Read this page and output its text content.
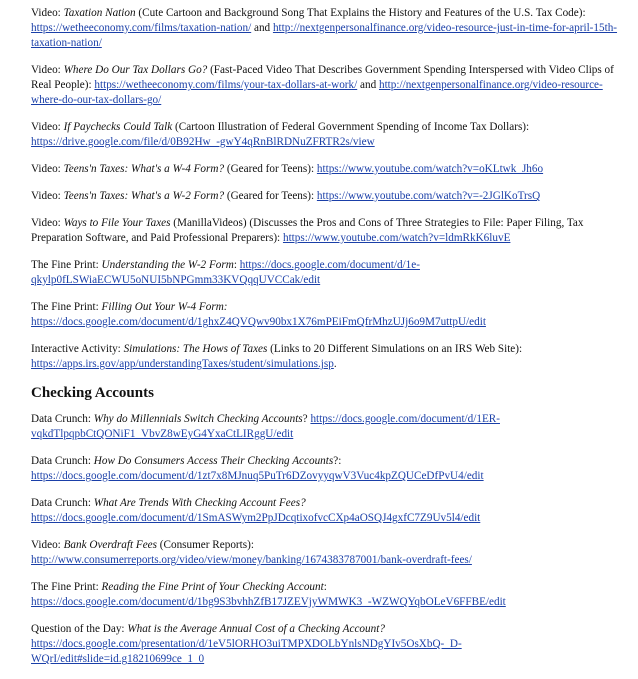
Video: Taxation Nation (Cute Cartoon and Background Song That Explains the History and Features of the U.S. Tax Code): https://wetheeconomy.com/films/taxation-nation/ and http://nextgenpersonalfinance.org/video-resource-just-in-time-for-april-15th-taxation-nation/

Video: Where Do Our Tax Dollars Go? (Fast-Paced Video That Describes Government Spending Interspersed with Video Clips of Real People): https://wetheeconomy.com/films/your-tax-dollars-at-work/ and http://nextgenpersonalfinance.org/video-resource-where-do-our-tax-dollars-go/

Video: If Paychecks Could Talk (Cartoon Illustration of Federal Government Spending of Income Tax Dollars): https://drive.google.com/file/d/0B92Hw_-gwY4qRnBlRDNuZFRTR2s/view

Video: Teens'n Taxes: What's a W-4 Form? (Geared for Teens): https://www.youtube.com/watch?v=oKLtwk_Jh6o

Video: Teens'n Taxes: What's a W-2 Form? (Geared for Teens): https://www.youtube.com/watch?v=-2JGlKoTrsQ

Video: Ways to File Your Taxes (ManillaVideos) (Discusses the Pros and Cons of Three Strategies to File: Paper Filing, Tax Preparation Software, and Paid Professional Preparers): https://www.youtube.com/watch?v=ldmRkK6luvE

The Fine Print: Understanding the W-2 Form: https://docs.google.com/document/d/1e-qkylp0fLSWiaECWU5oNUI5bNPGmm33KVQqqUVCCak/edit

The Fine Print: Filling Out Your W-4 Form: https://docs.google.com/document/d/1ghxZ4QVQwv90bx1X76mPEiFmQfrMhzUJj6o9M7uttpU/edit

Interactive Activity: Simulations: The Hows of Taxes (Links to 20 Different Simulations on an IRS Web Site): https://apps.irs.gov/app/understandingTaxes/student/simulations.jsp.

Checking Accounts

Data Crunch: Why do Millennials Switch Checking Accounts? https://docs.google.com/document/d/1ER-vqkdTlpqpbCtQONiF1_VbvZ8wEyG4YxaCtLIRggU/edit

Data Crunch: How Do Consumers Access Their Checking Accounts?: https://docs.google.com/document/d/1zt7x8MJnuq5PuTr6DZovyyqwV3Vuc4kpZQUCeDfPvU4/edit

Data Crunch: What Are Trends With Checking Account Fees? https://docs.google.com/document/d/1SmASWym2PpJDcqtixofvcCXp4aOSQJ4gxfC7Z9Uv5l4/edit

Video: Bank Overdraft Fees (Consumer Reports): http://www.consumerreports.org/video/view/money/banking/1674383787001/bank-overdraft-fees/

The Fine Print: Reading the Fine Print of Your Checking Account: https://docs.google.com/document/d/1bg9S3bvhhZfB17JZEVjyWMWK3_-WZWQYqbOLeV6FFBE/edit

Question of the Day: What is the Average Annual Cost of a Checking Account? https://docs.google.com/presentation/d/1eV5lORHO3uiTMPXDOLbYnlsNDgYIv5OsXbQ-_D-WQrI/edit#slide=id.g18210699ce_1_0
